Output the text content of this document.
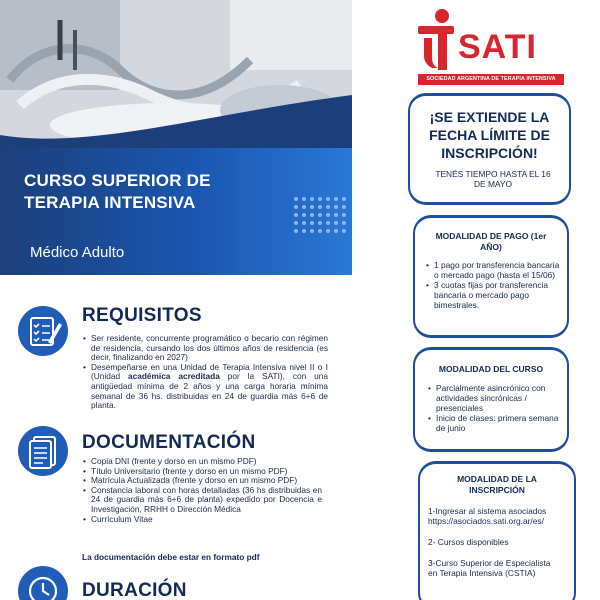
CURSO SUPERIOR DE TERAPIA INTENSIVA
Médico Adulto
REQUISITOS
• Ser residente, concurrente programático o becario con régimen de residencia, cursando los dos últimos años de residencia (es decir, finalizando en 2027)
• Desempeñarse en una Unidad de Terapia Intensiva nivel II o I (Unidad académica acreditada por la SATI), con una antigüedad mínima de 2 años y una carga horaria mínima semanal de 36 hs. distribuidas en 24 de guardia más 6+6 de planta.
DOCUMENTACIÓN
• Copia DNI (frente y dorso en un mismo PDF)
• Título Universitario (frente y dorso en un mismo PDF)
• Matrícula Actualizada (frente y dorso en un mismo PDF)
• Constancia laboral con horas detalladas (36 hs distribuidas en 24 de guardia más 6+6 de planta) expedido por Docencia e Investigación, RRHH o Dirección Médica
• Currículum Vitae
La documentación debe estar en formato pdf
DURACIÓN
SATI
SOCIEDAD ARGENTINA DE TERAPIA INTENSIVA
¡SE EXTIENDE LA FECHA LÍMITE DE INSCRIPCIÓN!
TENÉS TIEMPO HASTA EL 16 DE MAYO
MODALIDAD DE PAGO (1er AÑO)
• 1 pago por transferencia bancaria o mercado pago (hasta el 15/06)
• 3 cuotas fijas por transferencia bancaria o mercado pago bimestrales.
MODALIDAD DEL CURSO
• Parcialmente asincrónico con actividades sincrónicas / presenciales
• Inicio de clases: primera semana de junio
MODALIDAD DE LA INSCRIPCIÓN
1-Ingresar al sistema asociados https://asociados.sati.org.ar/es/
2- Cursos disponibles
3-Curso Superior de Especialista en Terapia Intensiva (CSTIA)
